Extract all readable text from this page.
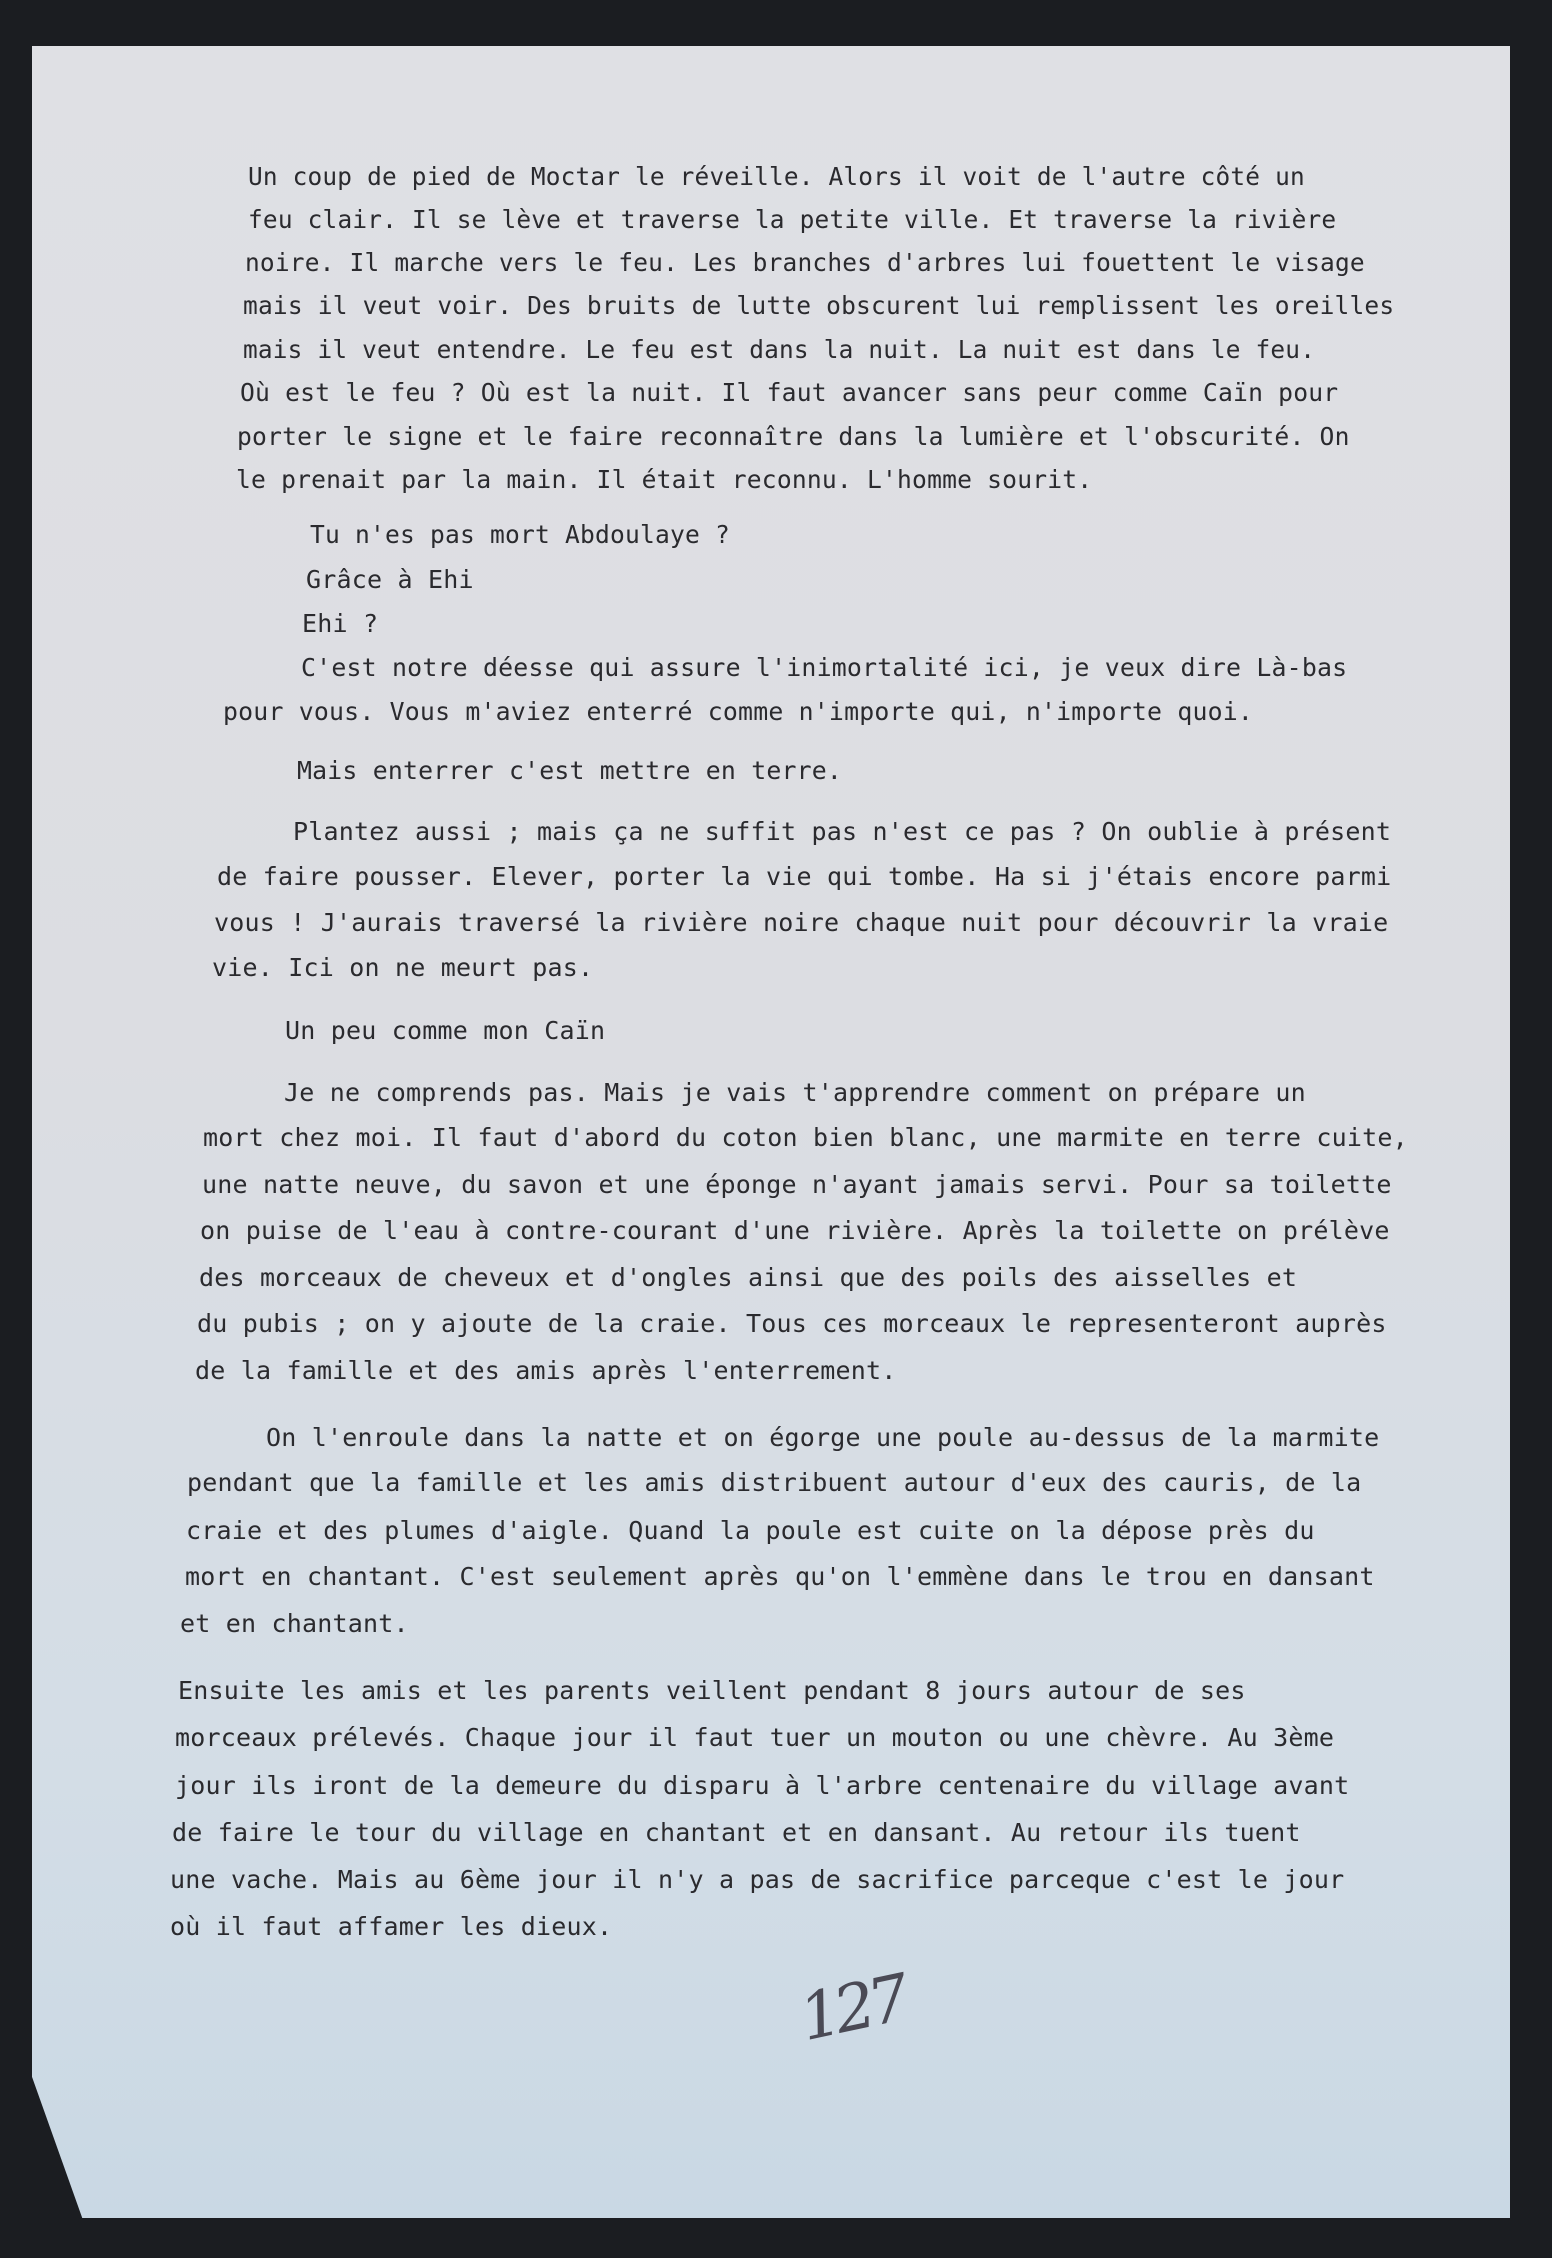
Un coup de pied de Moctar le réveille. Alors il voit de l'autre côté un
feu clair. Il se lève et traverse la petite ville. Et traverse la rivière
noire. Il marche vers le feu. Les branches d'arbres lui fouettent le visage
mais il veut voir. Des bruits de lutte obscurent lui remplissent les oreilles
mais il veut entendre. Le feu est dans la nuit. La nuit est dans le feu.
Où est le feu ? Où est la nuit. Il faut avancer sans peur comme Caïn pour
porter le signe et le faire reconnaître dans la lumière et l'obscurité. On
le prenait par la main. Il était reconnu. L'homme sourit.
Tu n'es pas mort Abdoulaye ?
Grâce à Ehi
Ehi ?
C'est notre déesse qui assure l'inimortalité ici, je veux dire Là-bas
pour vous. Vous m'aviez enterré comme n'importe qui, n'importe quoi.
Mais enterrer c'est mettre en terre.
Plantez aussi ; mais ça ne suffit pas n'est ce pas ? On oublie à présent
de faire pousser. Elever, porter la vie qui tombe. Ha si j'étais encore parmi
vous ! J'aurais traversé la rivière noire chaque nuit pour découvrir la vraie
vie. Ici on ne meurt pas.
Un peu comme mon Caïn
Je ne comprends pas. Mais je vais t'apprendre comment on prépare un
mort chez moi. Il faut d'abord du coton bien blanc, une marmite en terre cuite,
une natte neuve, du savon et une éponge n'ayant jamais servi. Pour sa toilette
on puise de l'eau à contre-courant d'une rivière. Après la toilette on prélève
des morceaux de cheveux et d'ongles ainsi que des poils des aisselles et
du pubis ; on y ajoute de la craie. Tous ces morceaux le representeront auprès
de la famille et des amis après l'enterrement.
On l'enroule dans la natte et on égorge une poule au-dessus de la marmite
pendant que la famille et les amis distribuent autour d'eux des cauris, de la
craie et des plumes d'aigle. Quand la poule est cuite on la dépose près du
mort en chantant. C'est seulement après qu'on l'emmène dans le trou en dansant
et en chantant.
Ensuite les amis et les parents veillent pendant 8 jours autour de ses
morceaux prélevés. Chaque jour il faut tuer un mouton ou une chèvre. Au 3ème
jour ils iront de la demeure du disparu à l'arbre centenaire du village avant
de faire le tour du village en chantant et en dansant. Au retour ils tuent
une vache. Mais au 6ème jour il n'y a pas de sacrifice parceque c'est le jour
où il faut affamer les dieux.
127
